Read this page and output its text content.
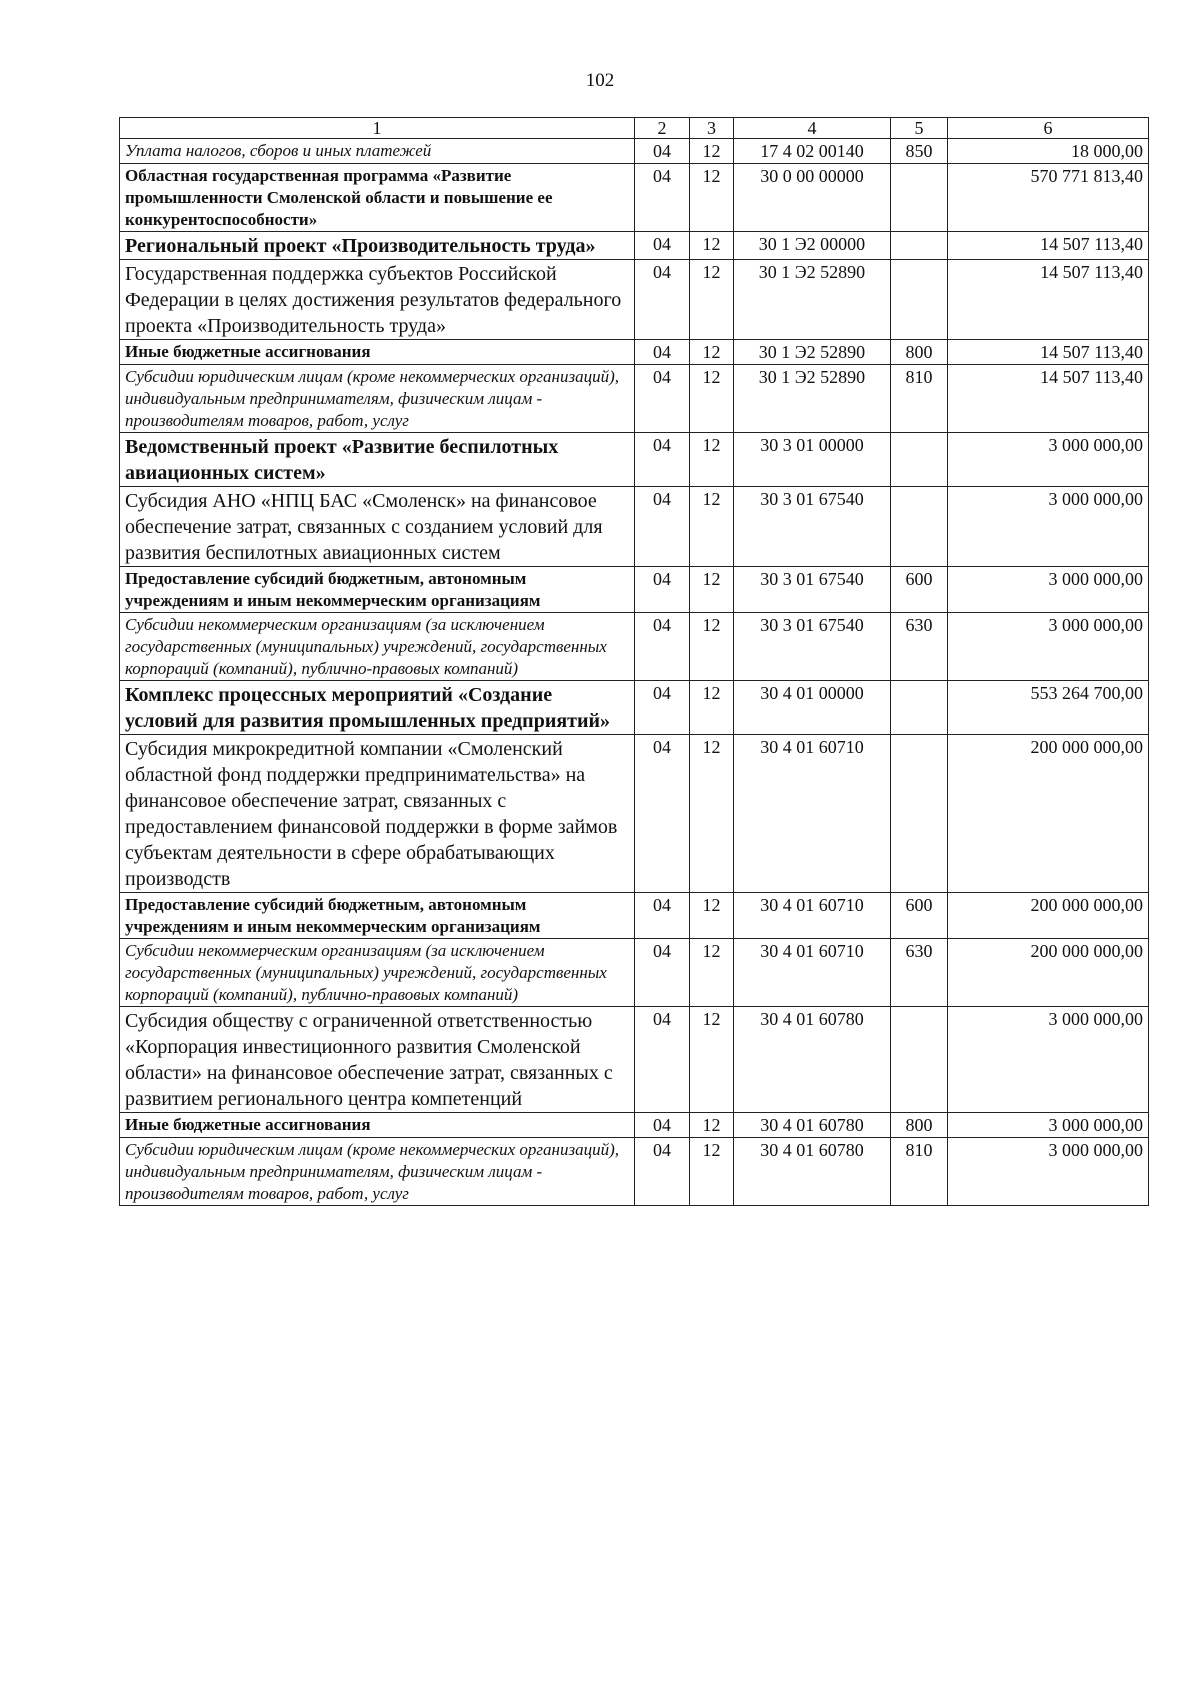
102
1	2	3	4	5	6
Уплата налогов, сборов и иных платежей	04	12	17 4 02 00140	850	18 000,00
Областная государственная программа «Развитие промышленности Смоленской области и повышение ее конкурентоспособности»	04	12	30 0 00 00000		570 771 813,40
Региональный проект «Производительность труда»	04	12	30 1 Э2 00000		14 507 113,40
Государственная поддержка субъектов Российской Федерации в целях достижения результатов федерального проекта «Производительность труда»	04	12	30 1 Э2 52890		14 507 113,40
Иные бюджетные ассигнования	04	12	30 1 Э2 52890	800	14 507 113,40
Субсидии юридическим лицам (кроме некоммерческих организаций), индивидуальным предпринимателям, физическим лицам - производителям товаров, работ, услуг	04	12	30 1 Э2 52890	810	14 507 113,40
Ведомственный проект «Развитие беспилотных авиационных систем»	04	12	30 3 01 00000		3 000 000,00
Субсидия АНО «НПЦ БАС «Смоленск» на финансовое обеспечение затрат, связанных с созданием условий для развития беспилотных авиационных систем	04	12	30 3 01 67540		3 000 000,00
Предоставление субсидий бюджетным, автономным учреждениям и иным некоммерческим организациям	04	12	30 3 01 67540	600	3 000 000,00
Субсидии некоммерческим организациям (за исключением государственных (муниципальных) учреждений, государственных корпораций (компаний), публично-правовых компаний)	04	12	30 3 01 67540	630	3 000 000,00
Комплекс процессных мероприятий «Создание условий для развития промышленных предприятий»	04	12	30 4 01 00000		553 264 700,00
Субсидия микрокредитной компании «Смоленский областной фонд поддержки предпринимательства» на финансовое обеспечение затрат, связанных с предоставлением финансовой поддержки в форме займов субъектам деятельности в сфере обрабатывающих производств	04	12	30 4 01 60710		200 000 000,00
Предоставление субсидий бюджетным, автономным учреждениям и иным некоммерческим организациям	04	12	30 4 01 60710	600	200 000 000,00
Субсидии некоммерческим организациям (за исключением государственных (муниципальных) учреждений, государственных корпораций (компаний), публично-правовых компаний)	04	12	30 4 01 60710	630	200 000 000,00
Субсидия обществу с ограниченной ответственностью «Корпорация инвестиционного развития Смоленской области» на финансовое обеспечение затрат, связанных с развитием регионального центра компетенций	04	12	30 4 01 60780		3 000 000,00
Иные бюджетные ассигнования	04	12	30 4 01 60780	800	3 000 000,00
Субсидии юридическим лицам (кроме некоммерческих организаций), индивидуальным предпринимателям, физическим лицам - производителям товаров, работ, услуг	04	12	30 4 01 60780	810	3 000 000,00
